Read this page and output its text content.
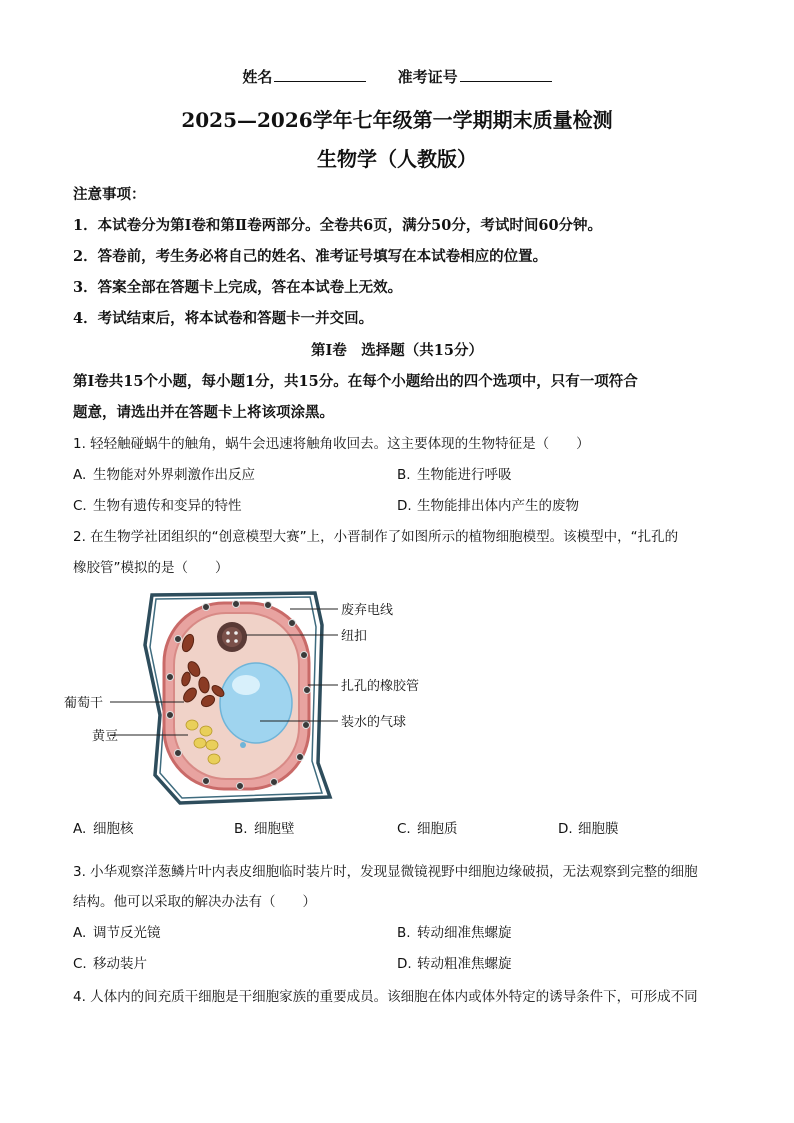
姓名	准考证号
2025—2026学年七年级第一学期期末质量检测
生物学（人教版）
注意事项：
1．本试卷分为第Ⅰ卷和第Ⅱ卷两部分。全卷共6页，满分50分，考试时间60分钟。
2．答卷前，考生务必将自己的姓名、准考证号填写在本试卷相应的位置。
3．答案全部在答题卡上完成，答在本试卷上无效。
4．考试结束后，将本试卷和答题卡一并交回。
第Ⅰ卷　选择题（共15分）
第Ⅰ卷共15个小题，每小题1分，共15分。在每个小题给出的四个选项中，只有一项符合
题意，请选出并在答题卡上将该项涂黑。
1. 轻轻触碰蜗牛的触角，蜗牛会迅速将触角收回去。这主要体现的生物特征是（　　）
A. 生物能对外界刺激作出反应	B. 生物能进行呼吸
C. 生物有遗传和变异的特性	D. 生物能排出体内产生的废物
2. 在生物学社团组织的“创意模型大赛”上，小晋制作了如图所示的植物细胞模型。该模型中，“扎孔的
橡胶管”模拟的是（　　）
废弃电线
纽扣
扎孔的橡胶管
装水的气球
葡萄干
黄豆
A. 细胞核	B. 细胞壁	C. 细胞质	D. 细胞膜
3. 小华观察洋葱鳞片叶内表皮细胞临时装片时，发现显微镜视野中细胞边缘破损，无法观察到完整的细胞
结构。他可以采取的解决办法有（　　）
A. 调节反光镜	B. 转动细准焦螺旋
C. 移动装片	D. 转动粗准焦螺旋
4. 人体内的间充质干细胞是干细胞家族的重要成员。该细胞在体内或体外特定的诱导条件下，可形成不同
